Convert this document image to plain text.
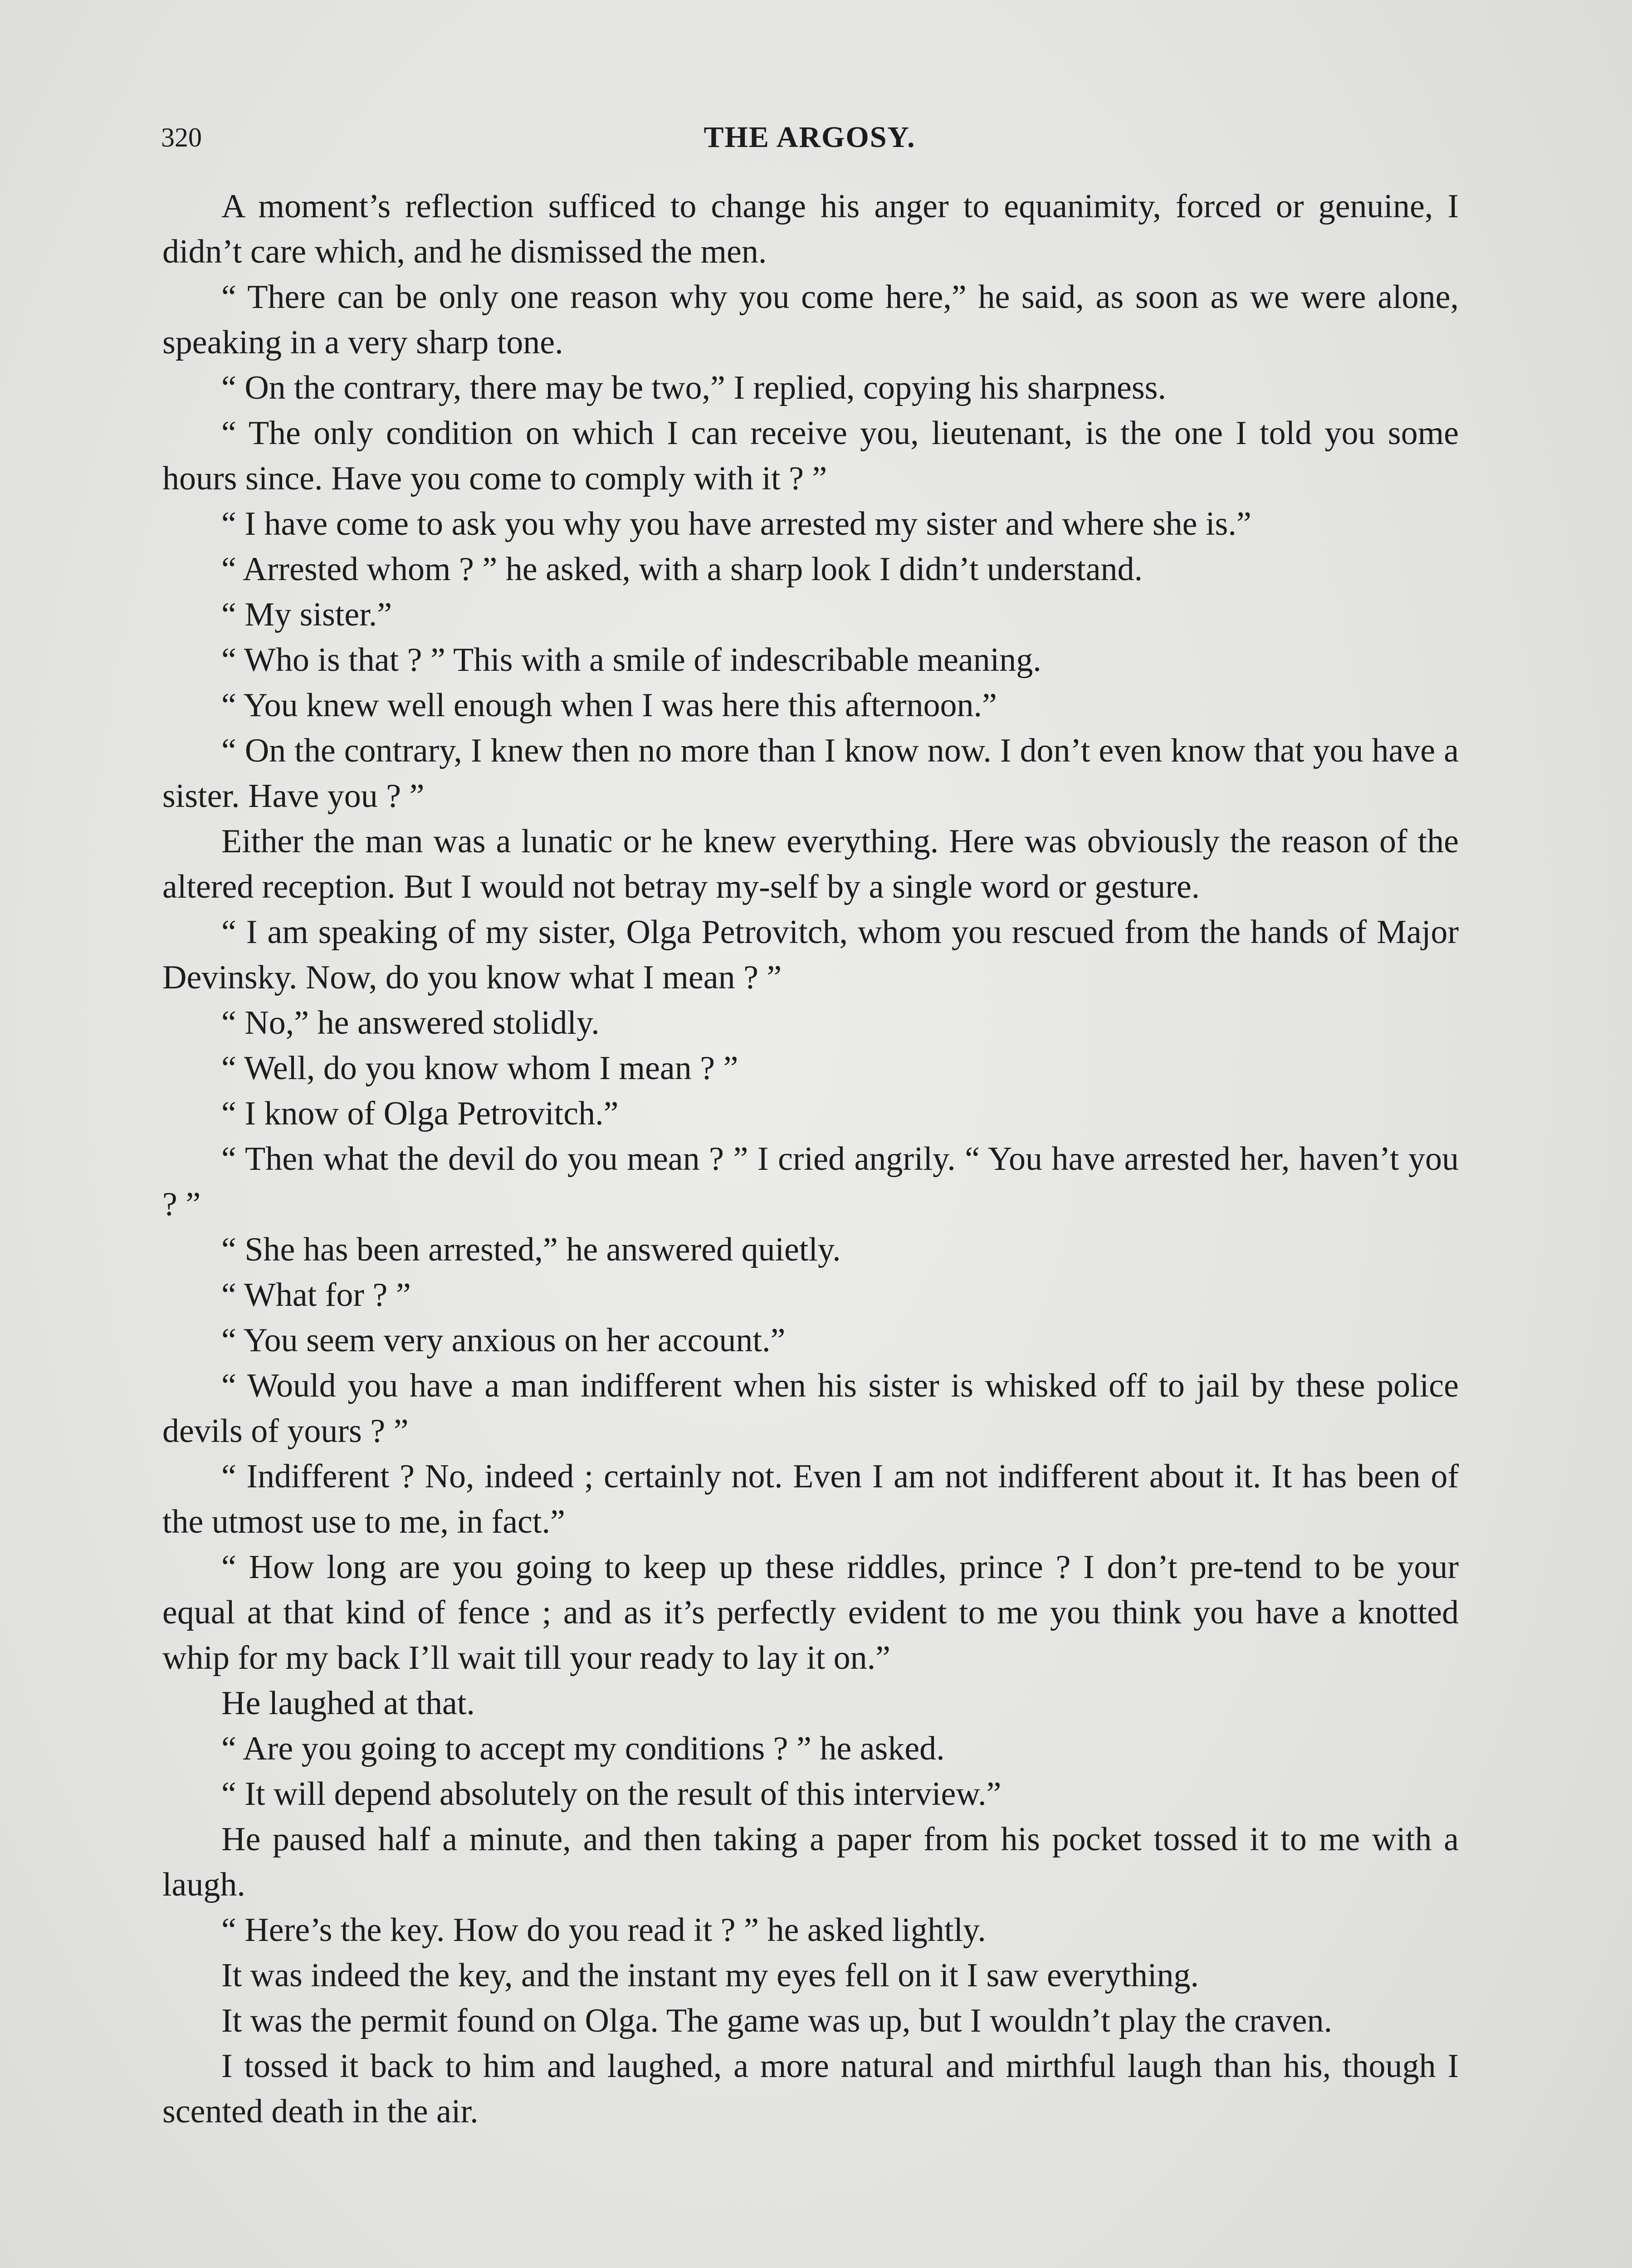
320	THE ARGOSY.

A moment’s reflection sufficed to change his anger to equanimity, forced or genuine, I didn’t care which, and he dismissed the men.

“ There can be only one reason why you come here,” he said, as soon as we were alone, speaking in a very sharp tone.

“ On the contrary, there may be two,” I replied, copying his sharpness.

“ The only condition on which I can receive you, lieutenant, is the one I told you some hours since. Have you come to comply with it ? ”

“ I have come to ask you why you have arrested my sister and where she is.”

“ Arrested whom ? ” he asked, with a sharp look I didn’t understand.

“ My sister.”

“ Who is that ? ” This with a smile of indescribable meaning.

“ You knew well enough when I was here this afternoon.”

“ On the contrary, I knew then no more than I know now. I don’t even know that you have a sister. Have you ? ”

Either the man was a lunatic or he knew everything. Here was obviously the reason of the altered reception. But I would not betray my-self by a single word or gesture.

“ I am speaking of my sister, Olga Petrovitch, whom you rescued from the hands of Major Devinsky. Now, do you know what I mean ? ”

“ No,” he answered stolidly.

“ Well, do you know whom I mean ? ”

“ I know of Olga Petrovitch.”

“ Then what the devil do you mean ? ” I cried angrily. “ You have arrested her, haven’t you ? ”

“ She has been arrested,” he answered quietly.

“ What for ? ”

“ You seem very anxious on her account.”

“ Would you have a man indifferent when his sister is whisked off to jail by these police devils of yours ? ”

“ Indifferent ? No, indeed ; certainly not. Even I am not indifferent about it. It has been of the utmost use to me, in fact.”

“ How long are you going to keep up these riddles, prince ? I don’t pre-tend to be your equal at that kind of fence ; and as it’s perfectly evident to me you think you have a knotted whip for my back I’ll wait till your ready to lay it on.”

He laughed at that.

“ Are you going to accept my conditions ? ” he asked.

“ It will depend absolutely on the result of this interview.”

He paused half a minute, and then taking a paper from his pocket tossed it to me with a laugh.

“ Here’s the key. How do you read it ? ” he asked lightly.

It was indeed the key, and the instant my eyes fell on it I saw everything.

It was the permit found on Olga. The game was up, but I wouldn’t play the craven.

I tossed it back to him and laughed, a more natural and mirthful laugh than his, though I scented death in the air.
